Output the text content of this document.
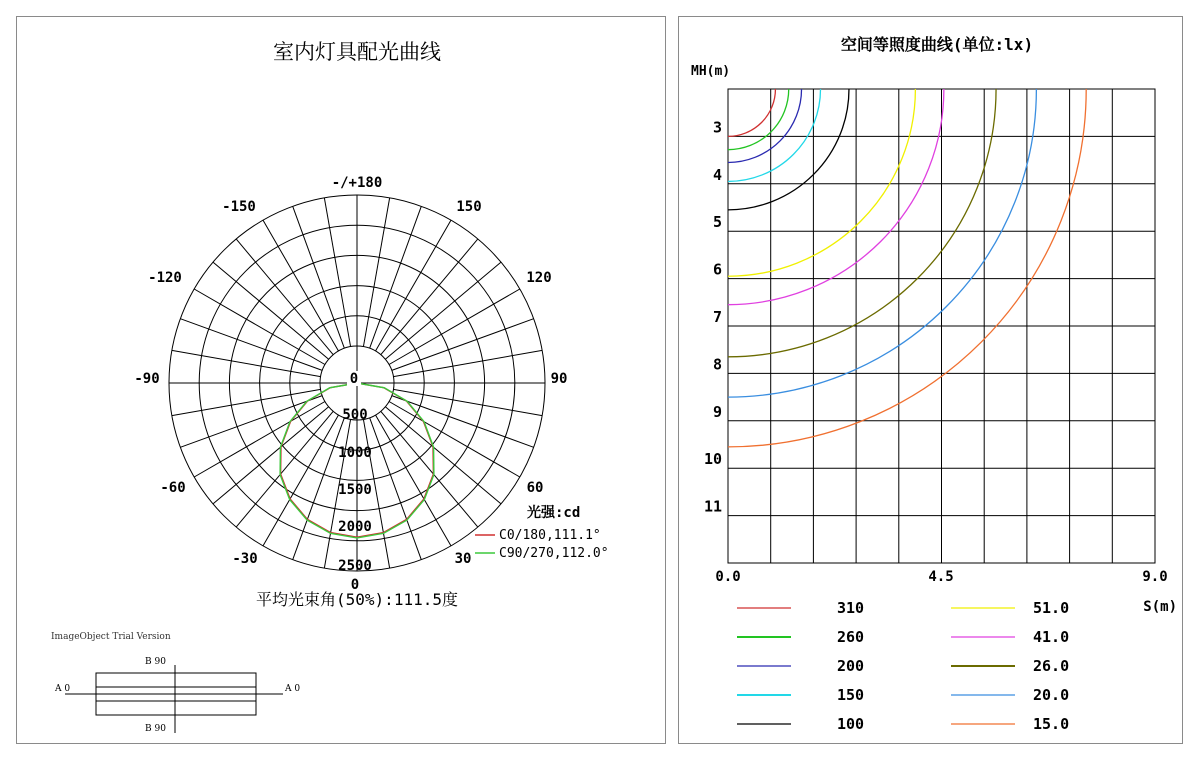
室内灯具配光曲线
-/+180
-150	150
-120	120
-90	90
-60	60
-30	30
0
0
500
1000
1500
2000
2500
光强:cd
C0/180,111.1°
C90/270,112.0°
平均光束角(50%):111.5度
ImageObject Trial Version
A 0	A 0
B 90
B 90
空间等照度曲线(单位:lx)
MH(m)
3
4
5
6
7
8
9
10
11
0.0	4.5	9.0
S(m)
310
260
200
150
100
51.0
41.0
26.0
20.0
15.0
